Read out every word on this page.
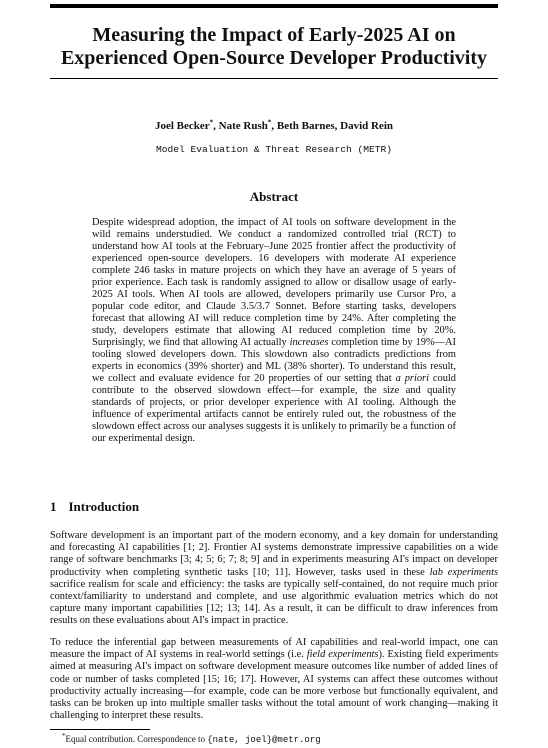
Measuring the Impact of Early-2025 AI on
Experienced Open-Source Developer Productivity
Joel Becker*, Nate Rush*, Beth Barnes, David Rein
Model Evaluation & Threat Research (METR)
Abstract
Despite widespread adoption, the impact of AI tools on software development in the wild remains understudied. We conduct a randomized controlled trial (RCT) to understand how AI tools at the February–June 2025 frontier affect the productivity of experienced open-source developers. 16 developers with moderate AI experience complete 246 tasks in mature projects on which they have an average of 5 years of prior experience. Each task is randomly assigned to allow or disallow usage of early-2025 AI tools. When AI tools are allowed, developers primarily use Cursor Pro, a popular code editor, and Claude 3.5/3.7 Sonnet. Before starting tasks, developers forecast that allowing AI will reduce completion time by 24%. After completing the study, developers estimate that allowing AI reduced completion time by 20%. Surprisingly, we find that allowing AI actually increases completion time by 19%—AI tooling slowed developers down. This slowdown also contradicts predictions from experts in economics (39% shorter) and ML (38% shorter). To understand this result, we collect and evaluate evidence for 20 properties of our setting that a priori could contribute to the observed slowdown effect—for example, the size and quality standards of projects, or prior developer experience with AI tooling. Although the influence of experimental artifacts cannot be entirely ruled out, the robustness of the slowdown effect across our analyses suggests it is unlikely to primarily be a function of our experimental design.
1 Introduction
Software development is an important part of the modern economy, and a key domain for understanding and forecasting AI capabilities [1; 2]. Frontier AI systems demonstrate impressive capabilities on a wide range of software benchmarks [3; 4; 5; 6; 7; 8; 9] and in experiments measuring AI's impact on developer productivity when completing synthetic tasks [10; 11]. However, tasks used in these lab experiments sacrifice realism for scale and efficiency: the tasks are typically self-contained, do not require much prior context/familiarity to understand and complete, and use algorithmic evaluation metrics which do not capture many important capabilities [12; 13; 14]. As a result, it can be difficult to draw inferences from results on these evaluations about AI's impact in practice.
To reduce the inferential gap between measurements of AI capabilities and real-world impact, one can measure the impact of AI systems in real-world settings (i.e. field experiments). Existing field experiments aimed at measuring AI's impact on software development measure outcomes like number of added lines of code or number of tasks completed [15; 16; 17]. However, AI systems can affect these outcomes without productivity actually increasing—for example, code can be more verbose but functionally equivalent, and tasks can be broken up into multiple smaller tasks without the total amount of work changing—making it challenging to interpret these results.
*Equal contribution. Correspondence to {nate, joel}@metr.org
